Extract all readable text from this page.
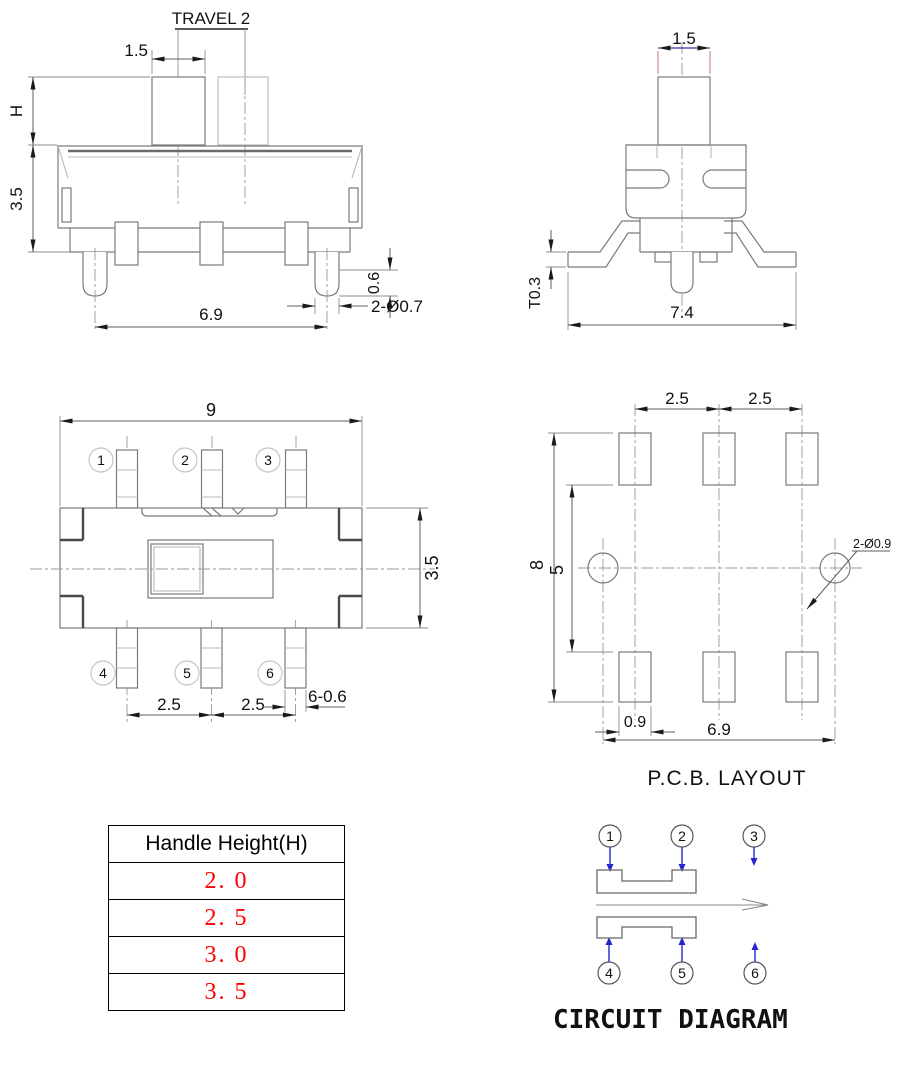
TRAVEL 2
1.5
H
3.5
6.9
0.6
2-Ø0.7
1.5
T0.3
7.4
9
1	2	3
4	5	6
3.5
2.5	2.5	6-0.6
2.5	2.5
8 5
0.9	6.9
2-Ø0.9
P.C.B. LAYOUT
Handle Height(H)
2. 0
2. 5
3. 0
3. 5
1	2	3
4	5	6
CIRCUIT DIAGRAM
